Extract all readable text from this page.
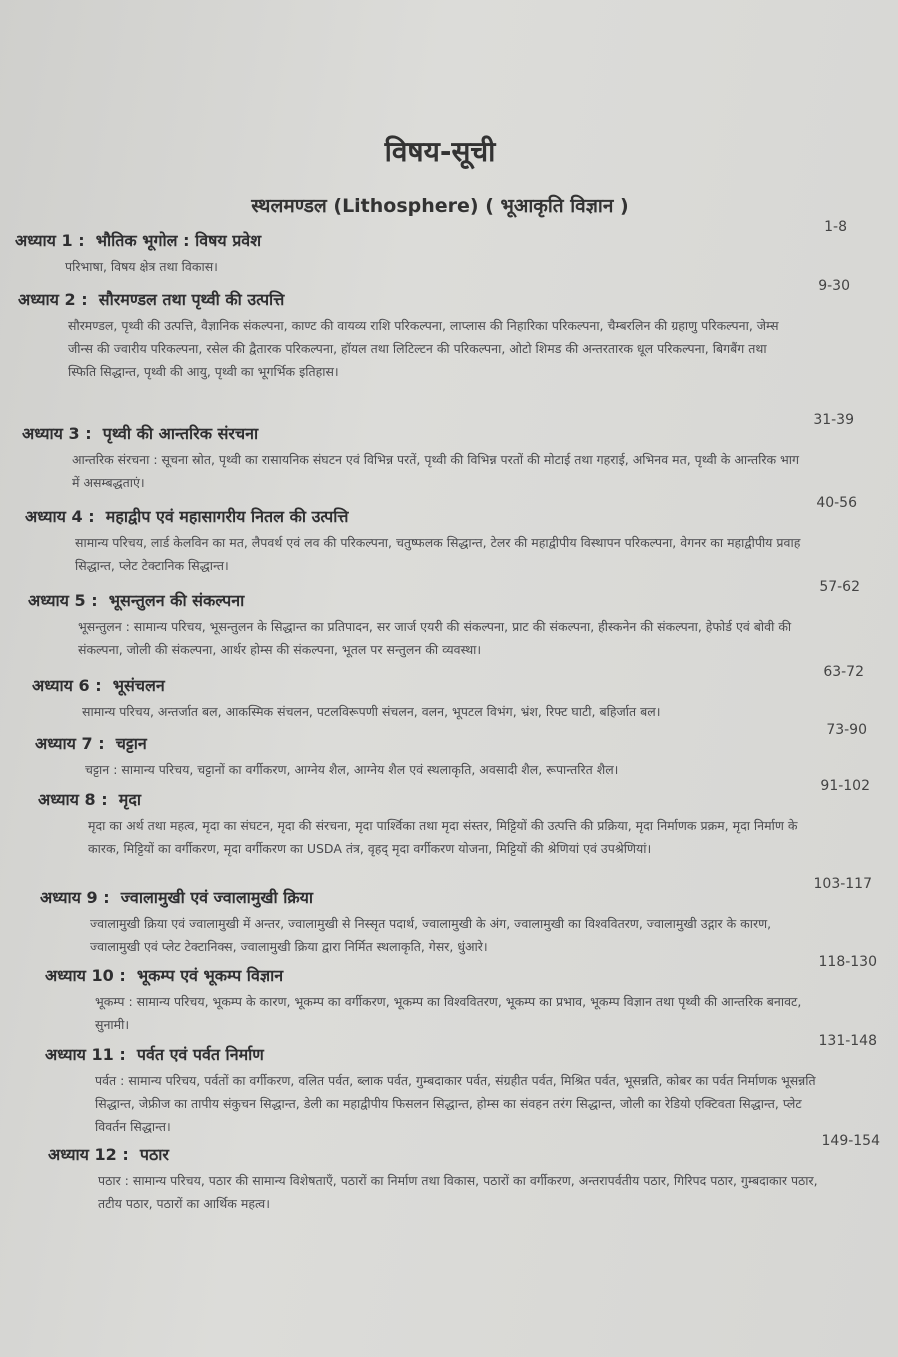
विषय-सूची
स्थलमण्डल (Lithosphere) ( भूआकृति विज्ञान )
अध्याय 1 : भौतिक भूगोल : विषय प्रवेश
1-8
परिभाषा, विषय क्षेत्र तथा विकास।
अध्याय 2 : सौरमण्डल तथा पृथ्वी की उत्पत्ति
9-30
सौरमण्डल, पृथ्वी की उत्पत्ति, वैज्ञानिक संकल्पना, काण्ट की वायव्य राशि परिकल्पना, लाप्लास की निहारिका परिकल्पना, चैम्बरलिन की ग्रहाणु परिकल्पना, जेम्स जीन्स की ज्वारीय परिकल्पना, रसेल की द्वैतारक परिकल्पना, हॉयल तथा लिटिल्टन की परिकल्पना, ओटो शिमड की अन्तरतारक धूल परिकल्पना, बिगबैंग तथा स्फिति सिद्धान्त, पृथ्वी की आयु, पृथ्वी का भूगर्भिक इतिहास।
अध्याय 3 : पृथ्वी की आन्तरिक संरचना
31-39
आन्तरिक संरचना : सूचना स्रोत, पृथ्वी का रासायनिक संघटन एवं विभिन्न परतें, पृथ्वी की विभिन्न परतों की मोटाई तथा गहराई, अभिनव मत, पृथ्वी के आन्तरिक भाग में असम्बद्धताएं।
अध्याय 4 : महाद्वीप एवं महासागरीय नितल की उत्पत्ति
40-56
सामान्य परिचय, लार्ड केलविन का मत, लैपवर्थ एवं लव की परिकल्पना, चतुष्फलक सिद्धान्त, टेलर की महाद्वीपीय विस्थापन परिकल्पना, वेगनर का महाद्वीपीय प्रवाह सिद्धान्त, प्लेट टेक्टानिक सिद्धान्त।
अध्याय 5 : भूसन्तुलन की संकल्पना
57-62
भूसन्तुलन : सामान्य परिचय, भूसन्तुलन के सिद्धान्त का प्रतिपादन, सर जार्ज एयरी की संकल्पना, प्राट की संकल्पना, हीस्कनेन की संकल्पना, हेफोर्ड एवं बोवी की संकल्पना, जोली की संकल्पना, आर्थर होम्स की संकल्पना, भूतल पर सन्तुलन की व्यवस्था।
अध्याय 6 : भूसंचलन
63-72
सामान्य परिचय, अन्तर्जात बल, आकस्मिक संचलन, पटलविरूपणी संचलन, वलन, भूपटल विभंग, भ्रंश, रिफ्ट घाटी, बहिर्जात बल।
अध्याय 7 : चट्टान
73-90
चट्टान : सामान्य परिचय, चट्टानों का वर्गीकरण, आग्नेय शैल, आग्नेय शैल एवं स्थलाकृति, अवसादी शैल, रूपान्तरित शैल।
अध्याय 8 : मृदा
91-102
मृदा का अर्थ तथा महत्व, मृदा का संघटन, मृदा की संरचना, मृदा पार्श्विका तथा मृदा संस्तर, मिट्टियों की उत्पत्ति की प्रक्रिया, मृदा निर्माणक प्रक्रम, मृदा निर्माण के कारक, मिट्टियों का वर्गीकरण, मृदा वर्गीकरण का USDA तंत्र, वृहद् मृदा वर्गीकरण योजना, मिट्टियों की श्रेणियां एवं उपश्रेणियां।
अध्याय 9 : ज्वालामुखी एवं ज्वालामुखी क्रिया
103-117
ज्वालामुखी क्रिया एवं ज्वालामुखी में अन्तर, ज्वालामुखी से निस्सृत पदार्थ, ज्वालामुखी के अंग, ज्वालामुखी का विश्ववितरण, ज्वालामुखी उद्गार के कारण, ज्वालामुखी एवं प्लेट टेक्टानिक्स, ज्वालामुखी क्रिया द्वारा निर्मित स्थलाकृति, गेसर, धुंआरे।
अध्याय 10 : भूकम्प एवं भूकम्प विज्ञान
118-130
भूकम्प : सामान्य परिचय, भूकम्प के कारण, भूकम्प का वर्गीकरण, भूकम्प का विश्ववितरण, भूकम्प का प्रभाव, भूकम्प विज्ञान तथा पृथ्वी की आन्तरिक बनावट, सुनामी।
अध्याय 11 : पर्वत एवं पर्वत निर्माण
131-148
पर्वत : सामान्य परिचय, पर्वतों का वर्गीकरण, वलित पर्वत, ब्लाक पर्वत, गुम्बदाकार पर्वत, संग्रहीत पर्वत, मिश्रित पर्वत, भूसन्नति, कोबर का पर्वत निर्माणक भूसन्नति सिद्धान्त, जेफ्रीज का तापीय संकुचन सिद्धान्त, डेली का महाद्वीपीय फिसलन सिद्धान्त, होम्स का संवहन तरंग सिद्धान्त, जोली का रेडियो एक्टिवता सिद्धान्त, प्लेट विवर्तन सिद्धान्त।
अध्याय 12 : पठार
149-154
पठार : सामान्य परिचय, पठार की सामान्य विशेषताएँ, पठारों का निर्माण तथा विकास, पठारों का वर्गीकरण, अन्तरापर्वतीय पठार, गिरिपद पठार, गुम्बदाकार पठार, तटीय पठार, पठारों का आर्थिक महत्व।
